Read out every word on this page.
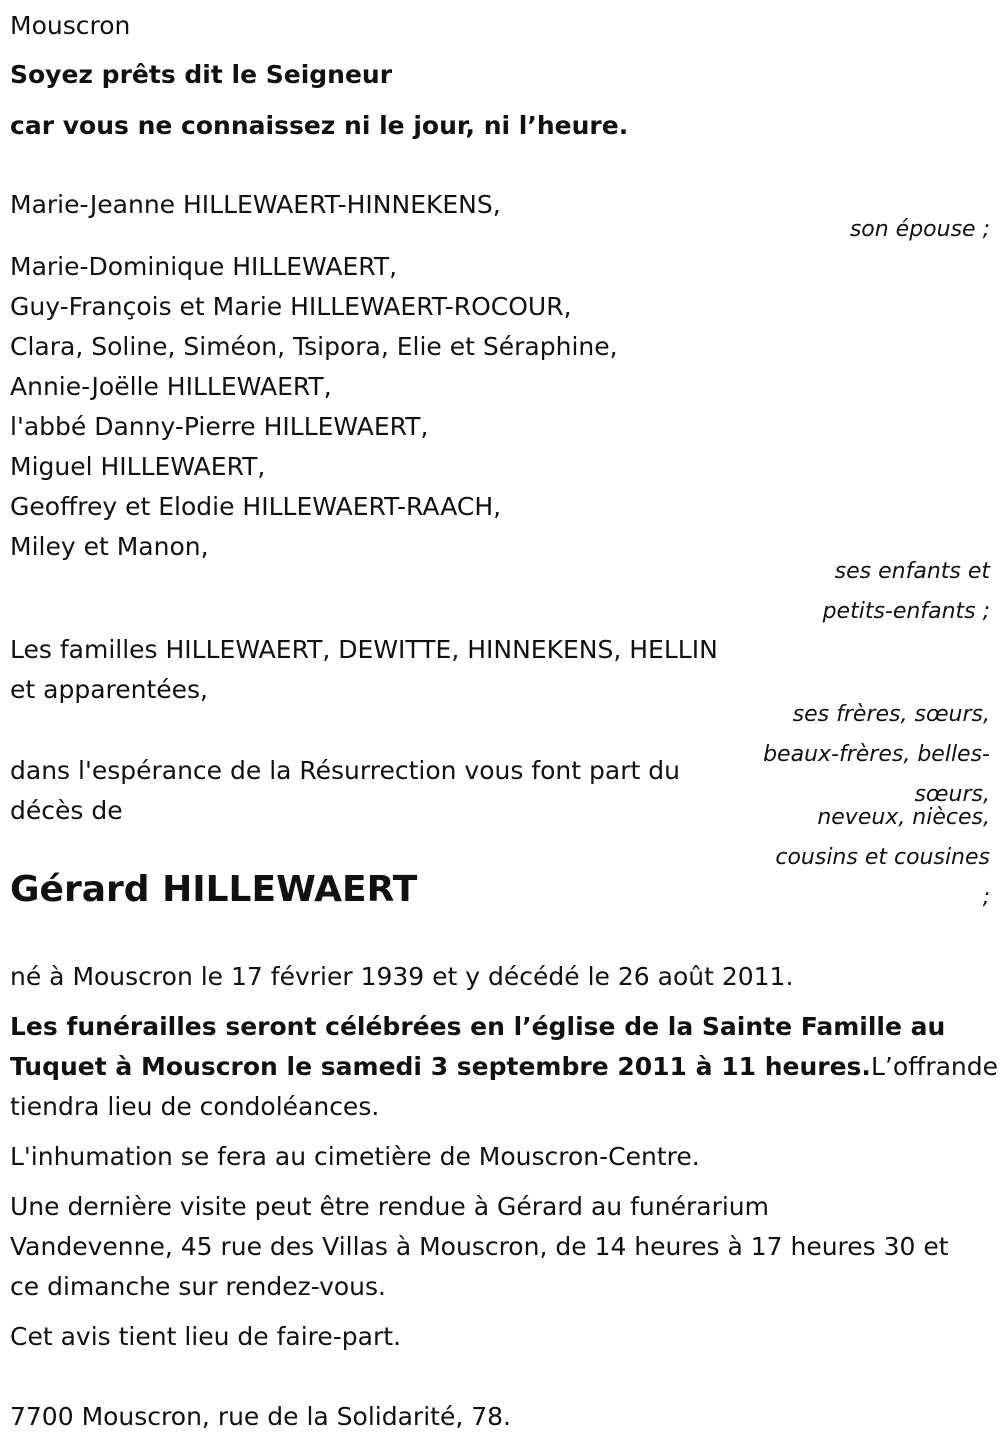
Mouscron
Soyez prêts dit le Seigneur
car vous ne connaissez ni le jour, ni l’heure.
Marie-Jeanne HILLEWAERT-HINNEKENS,
son épouse ;
Marie-Dominique HILLEWAERT,
Guy-François et Marie HILLEWAERT-ROCOUR,
Clara, Soline, Siméon, Tsipora, Elie et Séraphine,
Annie-Joëlle HILLEWAERT,
l'abbé Danny-Pierre HILLEWAERT,
Miguel HILLEWAERT,
Geoffrey et Elodie HILLEWAERT-RAACH,
Miley et Manon,
ses enfants et
petits-enfants ;
Les familles HILLEWAERT, DEWITTE, HINNEKENS, HELLIN
et apparentées,
ses frères, sœurs,
beaux-frères, belles-
sœurs,
neveux, nièces,
cousins et cousines
;
dans l'espérance de la Résurrection vous font part du
décès de
Gérard HILLEWAERT
né à Mouscron le 17 février 1939 et y décédé le 26 août 2011.
Les funérailles seront célébrées en l’église de la Sainte Famille au
Tuquet à Mouscron le samedi 3 septembre 2011 à 11 heures.L’offrande
tiendra lieu de condoléances.
L'inhumation se fera au cimetière de Mouscron-Centre.
Une dernière visite peut être rendue à Gérard au funérarium
Vandevenne, 45 rue des Villas à Mouscron, de 14 heures à 17 heures 30 et
ce dimanche sur rendez-vous.
Cet avis tient lieu de faire-part.
7700 Mouscron, rue de la Solidarité, 78.
